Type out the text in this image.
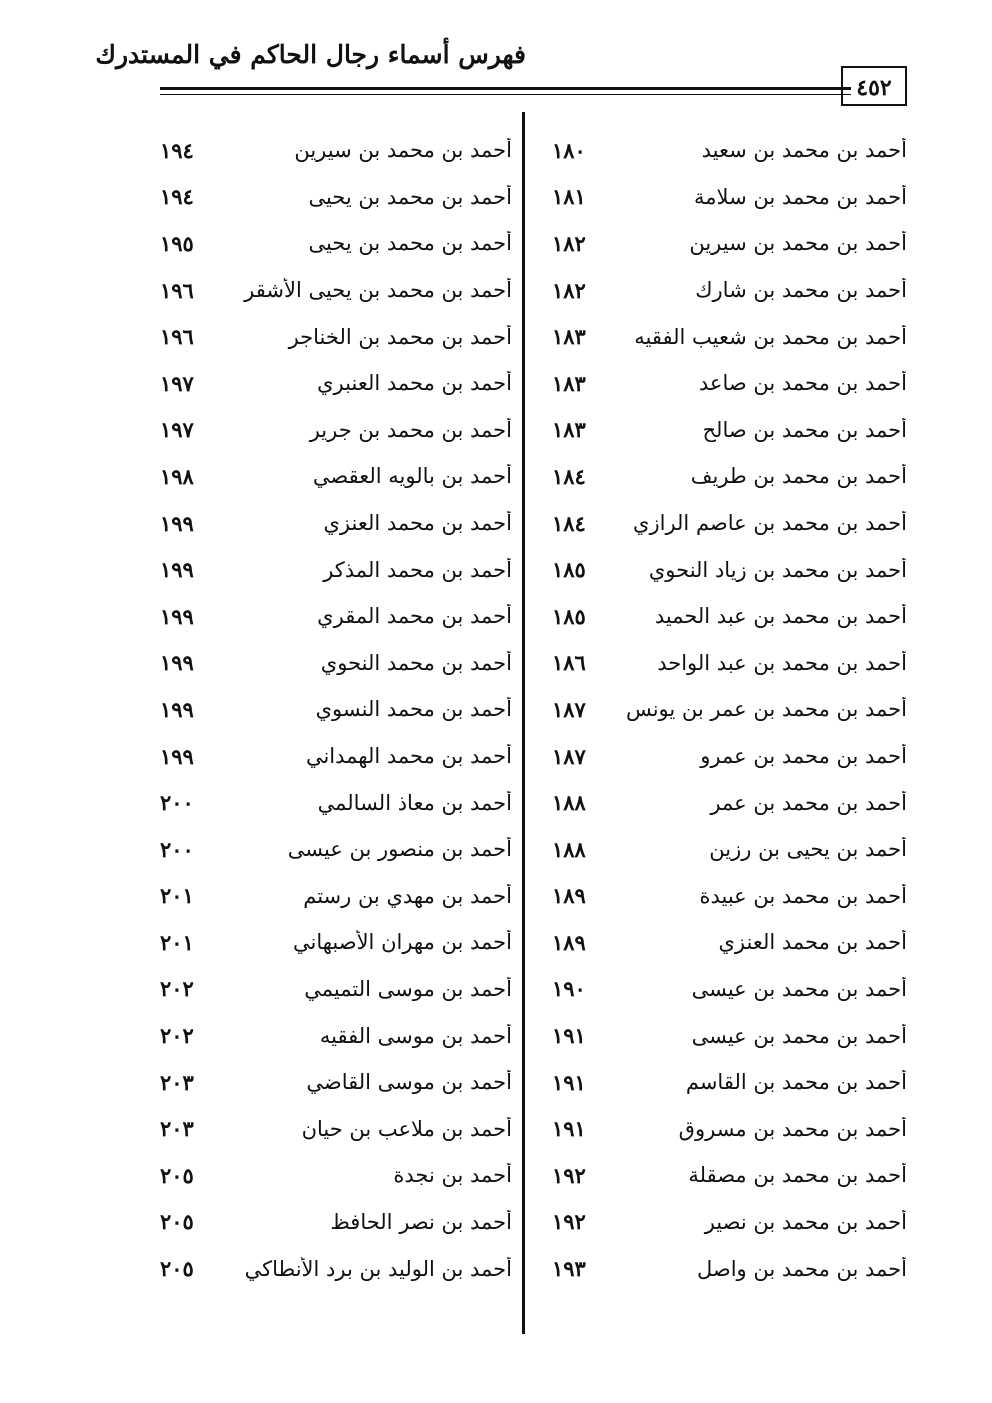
فهرس أسماء رجال الحاكم في المستدرك
٤٥٢
أحمد بن محمد بن سعيد
١٨٠
أحمد بن محمد بن سلامة
١٨١
أحمد بن محمد بن سيرين
١٨٢
أحمد بن محمد بن شارك
١٨٢
أحمد بن محمد بن شعيب الفقيه
١٨٣
أحمد بن محمد بن صاعد
١٨٣
أحمد بن محمد بن صالح
١٨٣
أحمد بن محمد بن طريف
١٨٤
أحمد بن محمد بن عاصم الرازي
١٨٤
أحمد بن محمد بن زياد النحوي
١٨٥
أحمد بن محمد بن عبد الحميد
١٨٥
أحمد بن محمد بن عبد الواحد
١٨٦
أحمد بن محمد بن عمر بن يونس
١٨٧
أحمد بن محمد بن عمرو
١٨٧
أحمد بن محمد بن عمر
١٨٨
أحمد بن يحيى بن رزين
١٨٨
أحمد بن محمد بن عبيدة
١٨٩
أحمد بن محمد العنزي
١٨٩
أحمد بن محمد بن عيسى
١٩٠
أحمد بن محمد بن عيسى
١٩١
أحمد بن محمد بن القاسم
١٩١
أحمد بن محمد بن مسروق
١٩١
أحمد بن محمد بن مصقلة
١٩٢
أحمد بن محمد بن نصير
١٩٢
أحمد بن محمد بن واصل
١٩٣
أحمد بن محمد بن سيرين
١٩٤
أحمد بن محمد بن يحيى
١٩٤
أحمد بن محمد بن يحيى
١٩٥
أحمد بن محمد بن يحيى الأشقر
١٩٦
أحمد بن محمد بن الخناجر
١٩٦
أحمد بن محمد العنبري
١٩٧
أحمد بن محمد بن جرير
١٩٧
أحمد بن بالويه العقصي
١٩٨
أحمد بن محمد العنزي
١٩٩
أحمد بن محمد المذكر
١٩٩
أحمد بن محمد المقري
١٩٩
أحمد بن محمد النحوي
١٩٩
أحمد بن محمد النسوي
١٩٩
أحمد بن محمد الهمداني
١٩٩
أحمد بن معاذ السالمي
٢٠٠
أحمد بن منصور بن عيسى
٢٠٠
أحمد بن مهدي بن رستم
٢٠١
أحمد بن مهران الأصبهاني
٢٠١
أحمد بن موسى التميمي
٢٠٢
أحمد بن موسى الفقيه
٢٠٢
أحمد بن موسى القاضي
٢٠٣
أحمد بن ملاعب بن حيان
٢٠٣
أحمد بن نجدة
٢٠٥
أحمد بن نصر الحافظ
٢٠٥
أحمد بن الوليد بن برد الأنطاكي
٢٠٥
